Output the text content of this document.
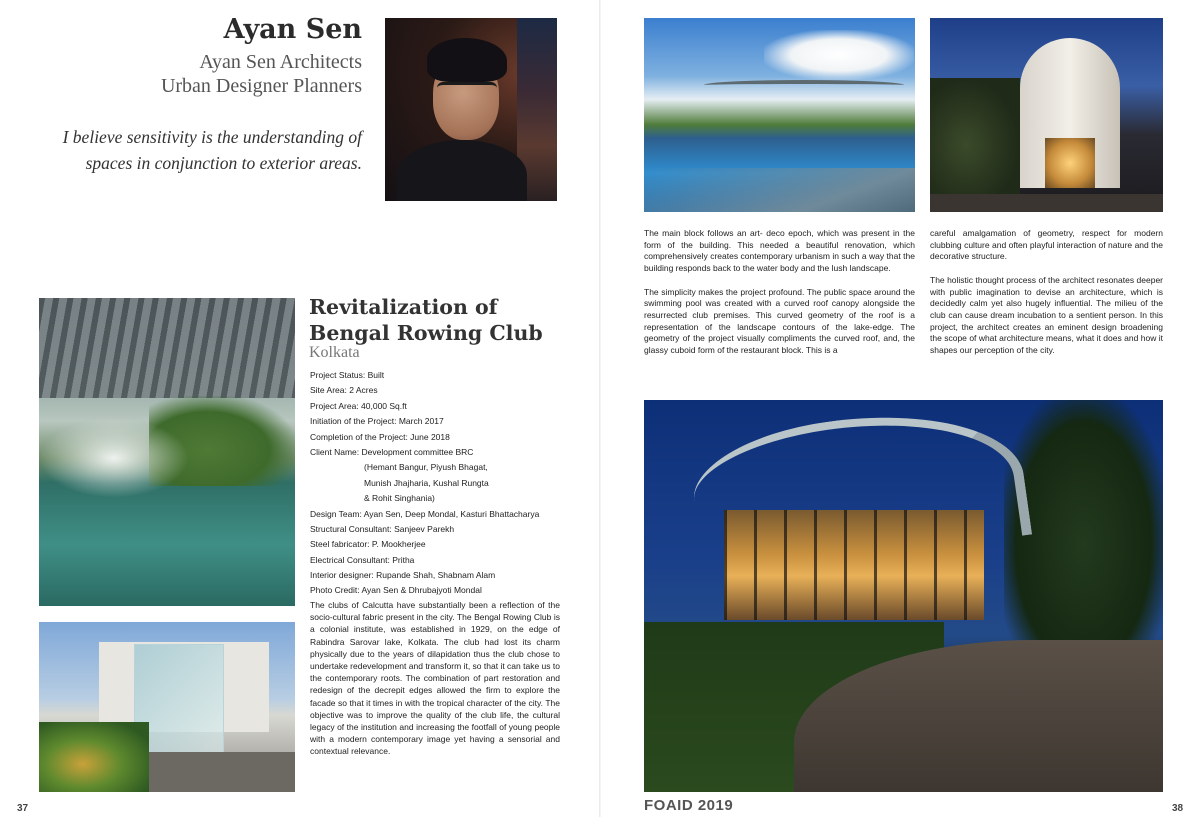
Ayan Sen
Ayan Sen Architects
Urban Designer Planners
I believe sensitivity is the understanding of
spaces in conjunction to exterior areas.
Revitalization of
Bengal Rowing Club
Kolkata
Project Status: Built
Site Area: 2 Acres
Project Area: 40,000 Sq.ft
Initiation of the Project: March 2017
Completion of the Project: June 2018
Client Name: Development committee BRC
(Hemant Bangur, Piyush Bhagat,
Munish Jhajharia, Kushal Rungta
& Rohit Singhania)
Design Team: Ayan Sen, Deep Mondal, Kasturi Bhattacharya
Structural Consultant: Sanjeev Parekh
Steel fabricator: P. Mookherjee
Electrical Consultant: Pritha
Interior designer: Rupande Shah, Shabnam Alam
Photo Credit: Ayan Sen & Dhrubajyoti Mondal
The clubs of Calcutta have substantially been a reflection of the socio-cultural fabric present in the city. The Bengal Rowing Club is a colonial institute, was established in 1929, on the edge of Rabindra Sarovar lake, Kolkata. The club had lost its charm physically due to the years of dilapidation thus the club chose to undertake redevelopment and transform it, so that it can take us to the contemporary roots. The combination of part restoration and redesign of the decrepit edges allowed the firm to explore the facade so that it times in with the tropical character of the city. The objective was to improve the quality of the club life, the cultural legacy of the institution and increasing the footfall of young people with a modern contemporary image yet having a sensorial and contextual relevance.
37

The main block follows an art- deco epoch, which was present in the form of the building. This needed a beautiful renovation, which comprehensively creates contemporary urbanism in such a way that the building responds back to the water body and the lush landscape.

The simplicity makes the project profound. The public space around the swimming pool was created with a curved roof canopy alongside the resurrected club premises. This curved geometry of the roof is a representation of the landscape contours of the lake-edge. The geometry of the project visually compliments the curved roof, and, the glassy cuboid form of the restaurant block. This is a

careful amalgamation of geometry, respect for modern clubbing culture and often playful interaction of nature and the decorative structure.

The holistic thought process of the architect resonates deeper with public imagination to devise an architecture, which is decidedly calm yet also hugely influential. The milieu of the club can cause dream incubation to a sentient person. In this project, the architect creates an eminent design broadening the scope of what architecture means, what it does and how it shapes our perception of the city.

FOAID 2019	38
